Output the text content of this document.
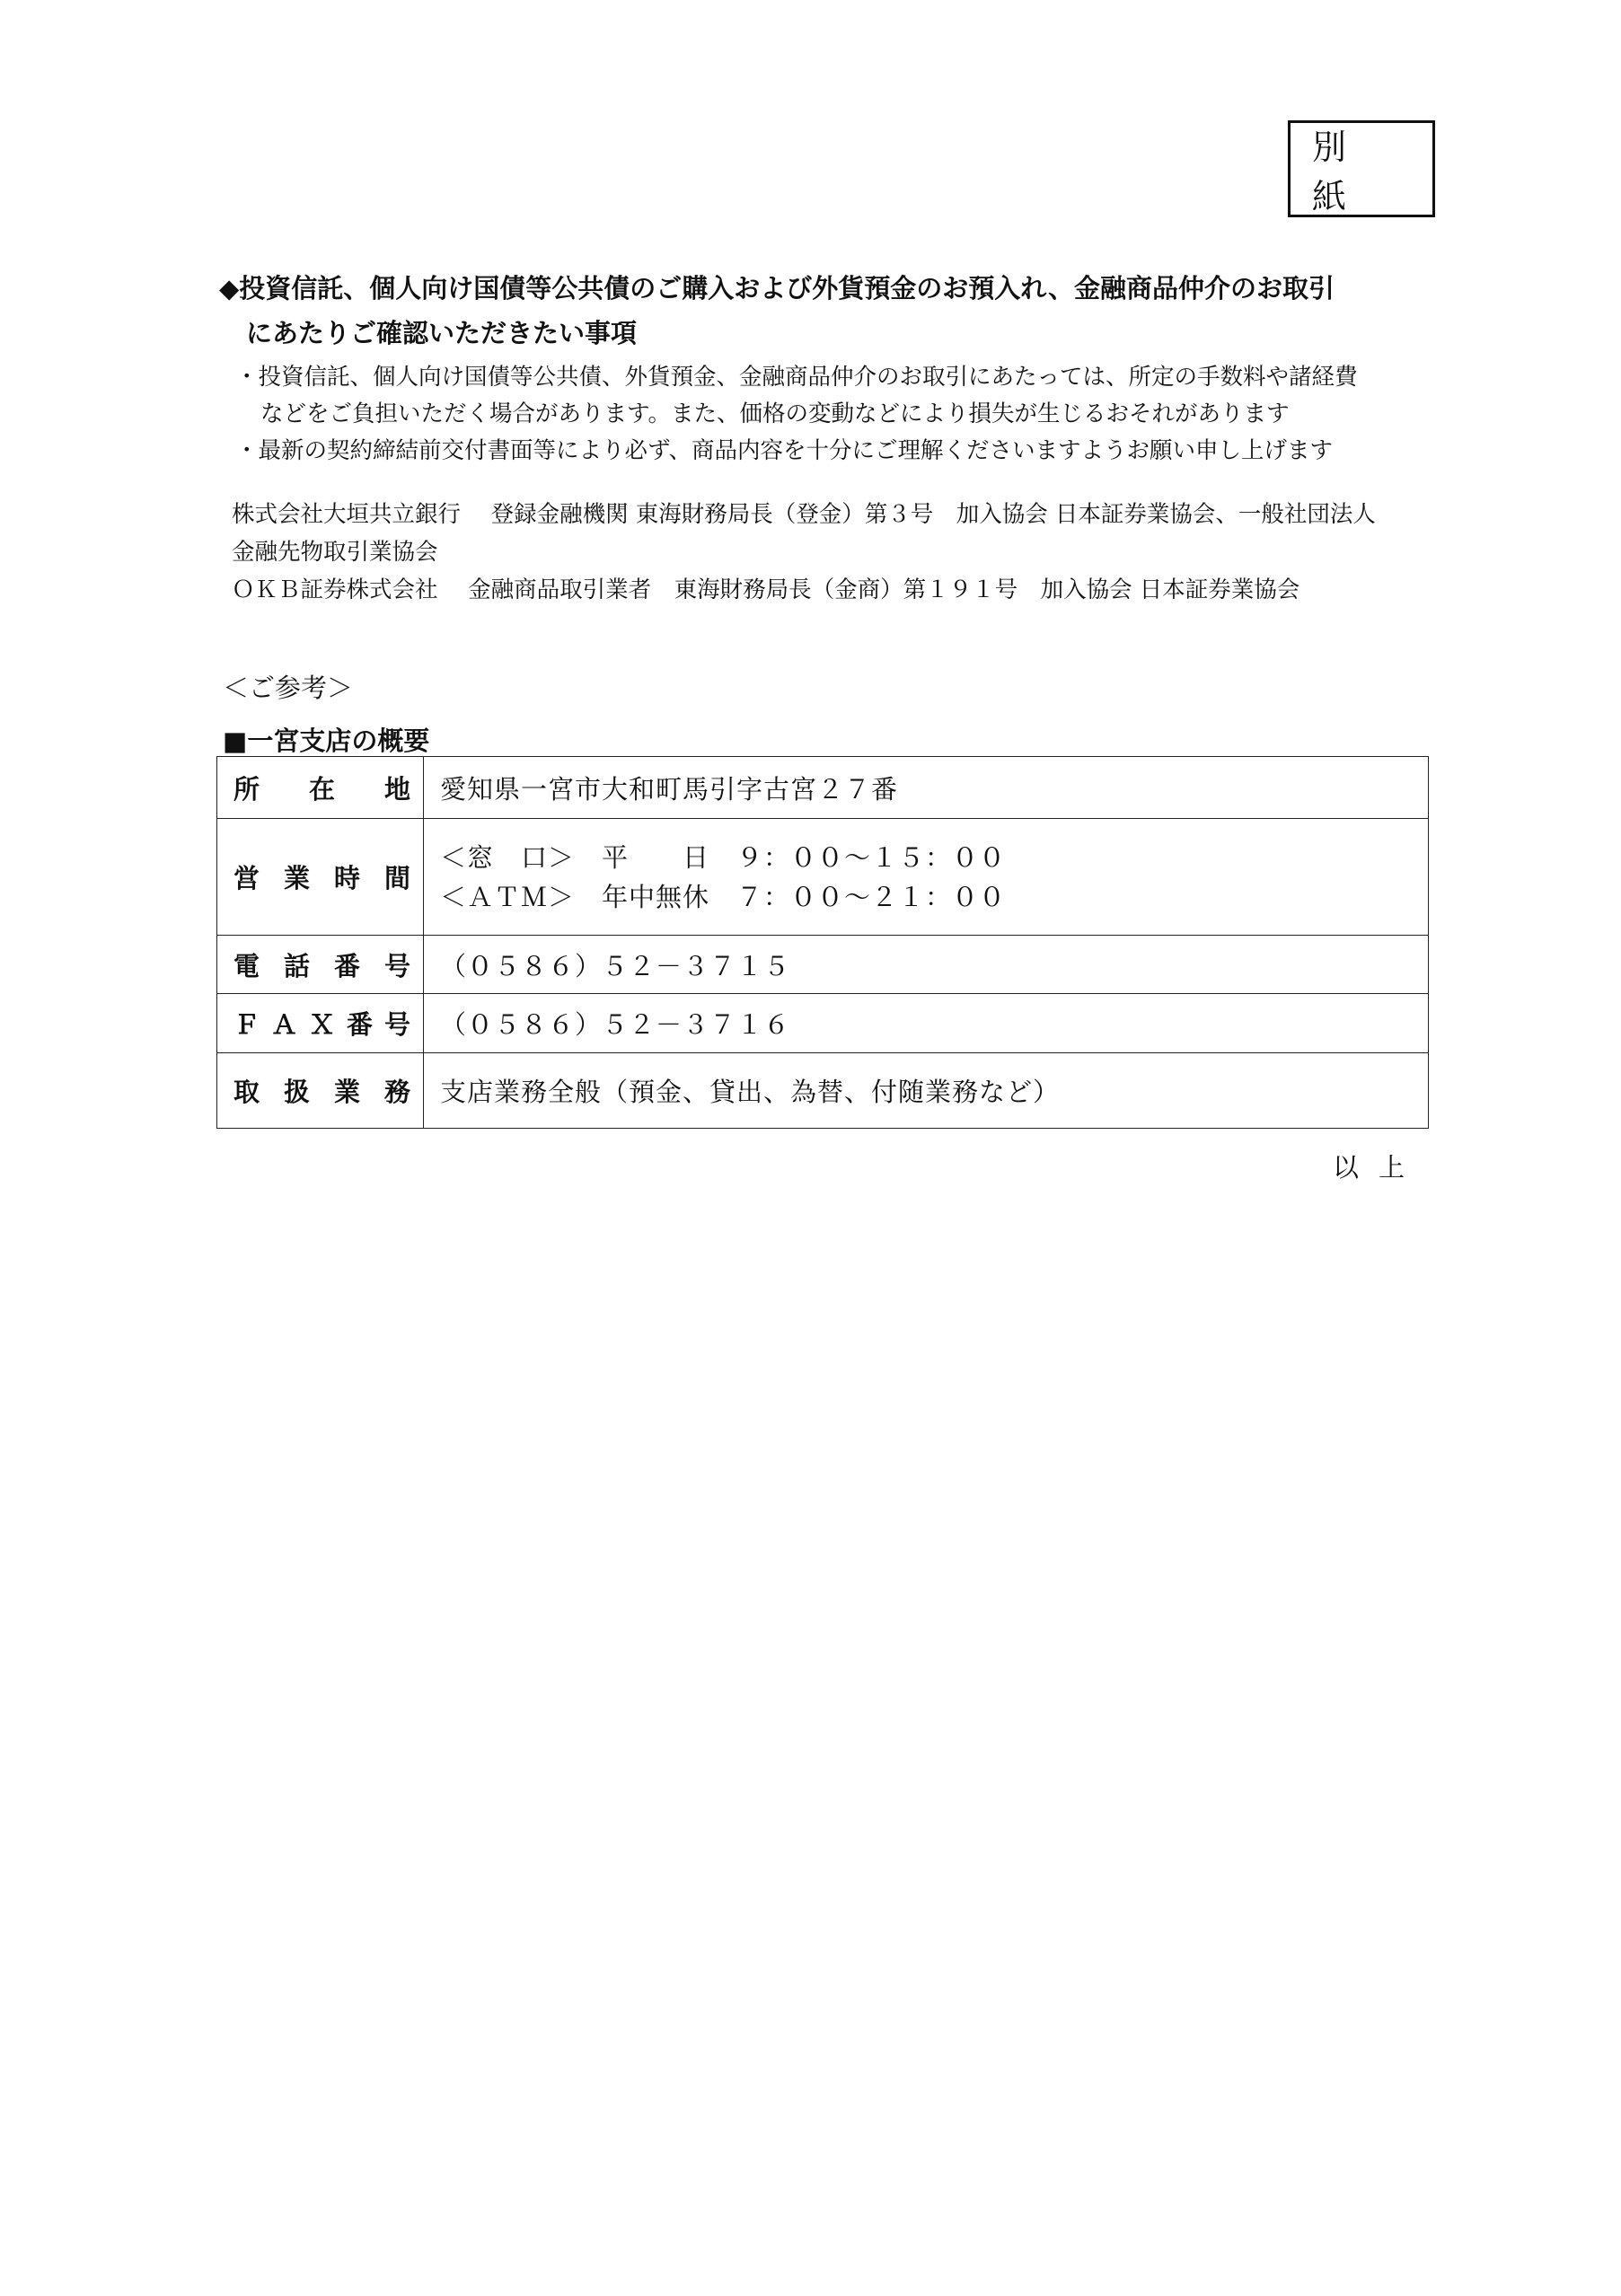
別　紙
◆投資信託、個人向け国債等公共債のご購入および外貨預金のお預入れ、金融商品仲介のお取引
にあたりご確認いただきたい事項
・投資信託、個人向け国債等公共債、外貨預金、金融商品仲介のお取引にあたっては、所定の手数料や諸経費
などをご負担いただく場合があります。また、価格の変動などにより損失が生じるおそれがあります
・最新の契約締結前交付書面等により必ず、商品内容を十分にご理解くださいますようお願い申し上げます
株式会社大垣共立銀行　 登録金融機関 東海財務局長（登金）第３号　加入協会 日本証券業協会、一般社団法人
金融先物取引業協会
ＯＫＢ証券株式会社　 金融商品取引業者　東海財務局長（金商）第１９１号　加入協会 日本証券業協会
＜ご参考＞
■一宮支店の概要
所在地	愛知県一宮市大和町馬引字古宮２７番
営業時間	＜窓　口＞　平　　日　９：００～１５：００
＜ＡＴＭ＞　年中無休　７：００～２１：００

電話番号	（０５８６）５２－３７１５
ＦＡＸ番号	（０５８６）５２－３７１６
取扱業務	支店業務全般（預金、貸出、為替、付随業務など）
以上
